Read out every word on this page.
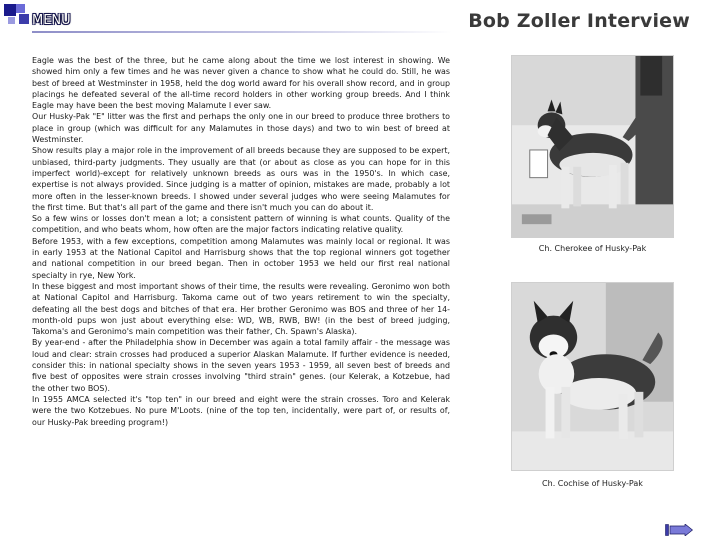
MENU	Bob Zoller Interview

Eagle was the best of the three, but he came along about the time we lost interest in showing. We showed him only a few times and he was never given a chance to show what he could do. Still, he was best of breed at Westminster in 1958, held the dog world award for his overall show record, and in group placings he defeated several of the all-time record holders in other working group breeds. And I think Eagle may have been the best moving Malamute I ever saw.

Our Husky-Pak "E" litter was the first and perhaps the only one in our breed to produce three brothers to place in group (which was difficult for any Malamutes in those days) and two to win best of breed at Westminster.

Show results play a major role in the improvement of all breeds because they are supposed to be expert, unbiased, third-party judgments. They usually are that (or about as close as you can hope for in this imperfect world)-except for relatively unknown breeds as ours was in the 1950's. In which case, expertise is not always provided. Since judging is a matter of opinion, mistakes are made, probably a lot more often in the lesser-known breeds. I showed under several judges who were seeing Malamutes for the first time. But that's all part of the game and there isn't much you can do about it.

So a few wins or losses don't mean a lot; a consistent pattern of winning is what counts. Quality of the competition, and who beats whom, how often are the major factors indicating relative quality.

Before 1953, with a few exceptions, competition among Malamutes was mainly local or regional. It was in early 1953 at the National Capitol and Harrisburg shows that the top regional winners got together and national competition in our breed began. Then in october 1953 we held our first real national specialty in rye, New York.

In these biggest and most important shows of their time, the results were revealing. Geronimo won both at National Capitol and Harrisburg. Takoma came out of two years retirement to win the specialty, defeating all the best dogs and bitches of that era. Her brother Geronimo was BOS and three of her 14-month-old pups won just about everything else: WD, WB, RWB, BW! (in the best of breed judging, Takoma's and Geronimo's main competition was their father, Ch. Spawn's Alaska).

By year-end - after the Philadelphia show in December was again a total family affair - the message was loud and clear: strain crosses had produced a superior Alaskan Malamute. If further evidence is needed, consider this: in national specialty shows in the seven years 1953 - 1959, all seven best of breeds and five best of opposites were strain crosses involving "third strain" genes. (our Kelerak, a Kotzebue, had the other two BOS).

In 1955 AMCA selected it's "top ten" in our breed and eight were the strain crosses. Toro and Kelerak were the two Kotzebues. No pure M'Loots. (nine of the top ten, incidentally, were part of, or results of, our Husky-Pak breeding program!)

Ch. Cherokee of Husky-Pak
Ch. Cochise of Husky-Pak
